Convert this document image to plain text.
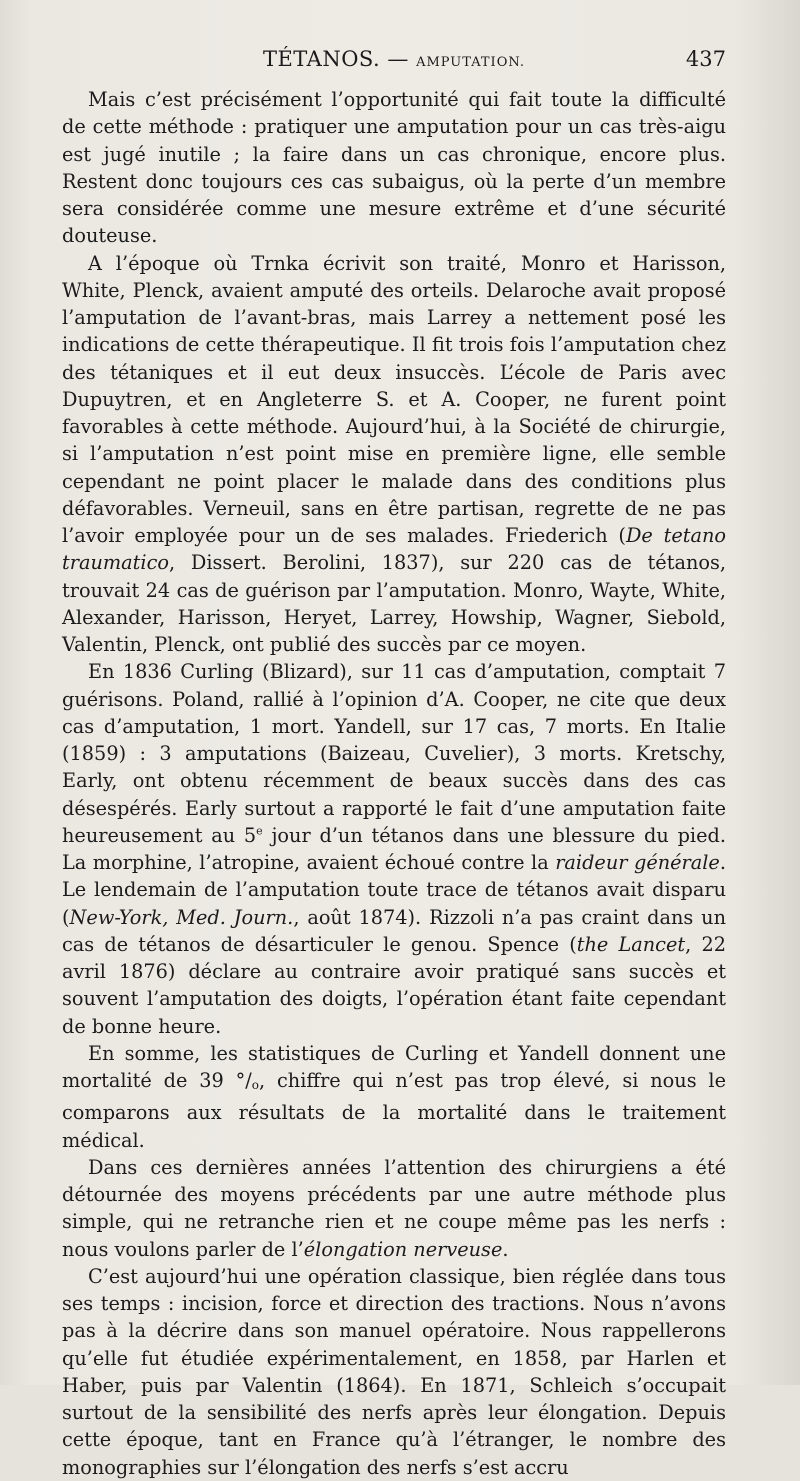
TÉTANOS. — AMPUTATION.	437

Mais c’est précisément l’opportunité qui fait toute la difficulté de cette méthode : pratiquer une amputation pour un cas très-aigu est jugé inutile ; la faire dans un cas chronique, encore plus. Restent donc toujours ces cas subaigus, où la perte d’un membre sera considérée comme une mesure extrême et d’une sécurité douteuse.

A l’époque où Trnka écrivit son traité, Monro et Harisson, White, Plenck, avaient amputé des orteils. Delaroche avait proposé l’amputation de l’avant-bras, mais Larrey a nettement posé les indications de cette thérapeutique. Il fit trois fois l’amputation chez des tétaniques et il eut deux insuccès. L’école de Paris avec Dupuytren, et en Angleterre S. et A. Cooper, ne furent point favorables à cette méthode. Aujourd’hui, à la Société de chirurgie, si l’amputation n’est point mise en première ligne, elle semble cependant ne point placer le malade dans des conditions plus défavorables. Verneuil, sans en être partisan, regrette de ne pas l’avoir employée pour un de ses malades. Friederich (De tetano traumatico, Dissert. Berolini, 1837), sur 220 cas de tétanos, trouvait 24 cas de guérison par l’amputation. Monro, Wayte, White, Alexander, Harisson, Heryet, Larrey, Howship, Wagner, Siebold, Valentin, Plenck, ont publié des succès par ce moyen.

En 1836 Curling (Blizard), sur 11 cas d’amputation, comptait 7 guérisons. Poland, rallié à l’opinion d’A. Cooper, ne cite que deux cas d’amputation, 1 mort. Yandell, sur 17 cas, 7 morts. En Italie (1859) : 3 amputations (Baizeau, Cuvelier), 3 morts. Kretschy, Early, ont obtenu récemment de beaux succès dans des cas désespérés. Early surtout a rapporté le fait d’une amputation faite heureusement au 5e jour d’un tétanos dans une blessure du pied. La morphine, l’atropine, avaient échoué contre la raideur générale. Le lendemain de l’amputation toute trace de tétanos avait disparu (New-York, Med. Journ., août 1874). Rizzoli n’a pas craint dans un cas de tétanos de désarticuler le genou. Spence (the Lancet, 22 avril 1876) déclare au contraire avoir pratiqué sans succès et souvent l’amputation des doigts, l’opération étant faite cependant de bonne heure.

En somme, les statistiques de Curling et Yandell donnent une mortalité de 39 $^\circ/_o$, chiffre qui n’est pas trop élevé, si nous le comparons aux résultats de la mortalité dans le traitement médical.

Dans ces dernières années l’attention des chirurgiens a été détournée des moyens précédents par une autre méthode plus simple, qui ne retranche rien et ne coupe même pas les nerfs : nous voulons parler de l’élongation nerveuse.

C’est aujourd’hui une opération classique, bien réglée dans tous ses temps : incision, force et direction des tractions. Nous n’avons pas à la décrire dans son manuel opératoire. Nous rappellerons qu’elle fut étudiée expérimentalement, en 1858, par Harlen et Haber, puis par Valentin (1864). En 1871, Schleich s’occupait surtout de la sensibilité des nerfs après leur élongation. Depuis cette époque, tant en France qu’à l’étranger, le nombre des monographies sur l’élongation des nerfs s’est accru
